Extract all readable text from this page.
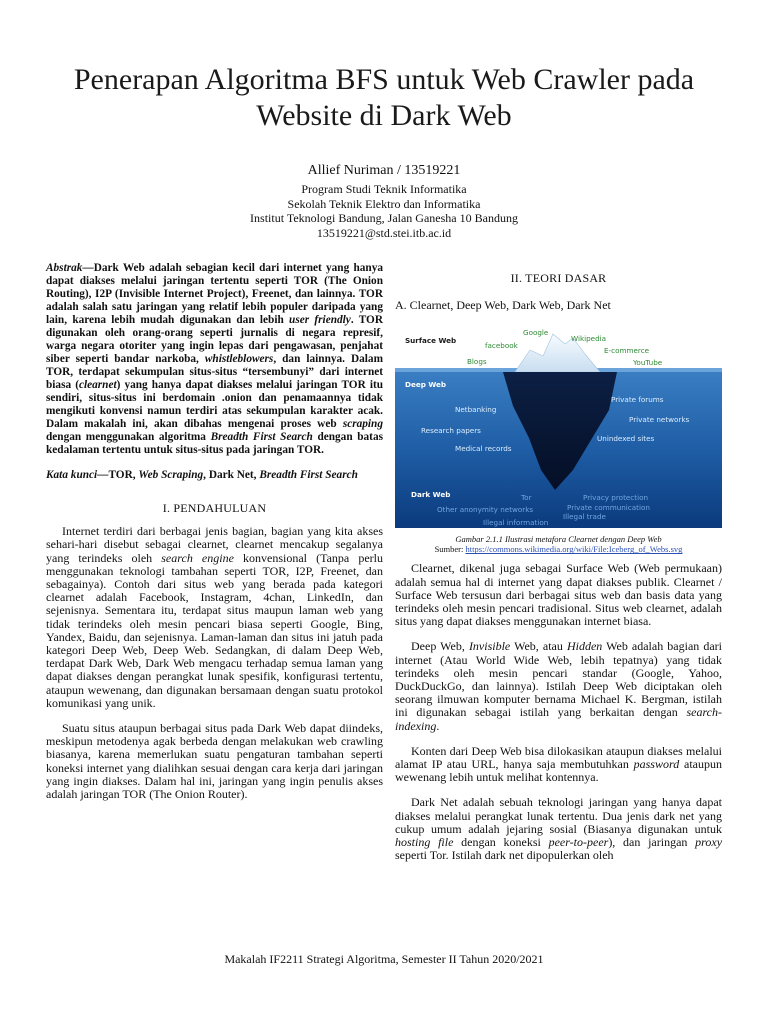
Penerapan Algoritma BFS untuk Web Crawler pada Website di Dark Web
Allief Nuriman / 13519221
Program Studi Teknik Informatika
Sekolah Teknik Elektro dan Informatika
Institut Teknologi Bandung, Jalan Ganesha 10 Bandung
13519221@std.stei.itb.ac.id
Abstrak—Dark Web adalah sebagian kecil dari internet yang hanya dapat diakses melalui jaringan tertentu seperti TOR (The Onion Routing), I2P (Invisible Internet Project), Freenet, dan lainnya. TOR adalah salah satu jaringan yang relatif lebih populer daripada yang lain, karena lebih mudah digunakan dan lebih user friendly. TOR digunakan oleh orang-orang seperti jurnalis di negara represif, warga negara otoriter yang ingin lepas dari pengawasan, penjahat siber seperti bandar narkoba, whistleblowers, dan lainnya. Dalam TOR, terdapat sekumpulan situs-situs “tersembunyi” dari internet biasa (clearnet) yang hanya dapat diakses melalui jaringan TOR itu sendiri, situs-situs ini berdomain .onion dan penamaannya tidak mengikuti konvensi namun terdiri atas sekumpulan karakter acak. Dalam makalah ini, akan dibahas mengenai proses web scraping dengan menggunakan algoritma Breadth First Search dengan batas kedalaman tertentu untuk situs-situs pada jaringan TOR.
Kata kunci—TOR, Web Scraping, Dark Net, Breadth First Search
I. PENDAHULUAN

Internet terdiri dari berbagai jenis bagian, bagian yang kita akses sehari-hari disebut sebagai clearnet, clearnet mencakup segalanya yang terindeks oleh search engine konvensional (Tanpa perlu menggunakan teknologi tambahan seperti TOR, I2P, Freenet, dan sebagainya). Contoh dari situs web yang berada pada kategori clearnet adalah Facebook, Instagram, 4chan, LinkedIn, dan sejenisnya. Sementara itu, terdapat situs maupun laman web yang tidak terindeks oleh mesin pencari biasa seperti Google, Bing, Yandex, Baidu, dan sejenisnya. Laman-laman dan situs ini jatuh pada kategori Deep Web, Deep Web. Sedangkan, di dalam Deep Web, terdapat Dark Web, Dark Web mengacu terhadap semua laman yang dapat diakses dengan perangkat lunak spesifik, konfigurasi tertentu, ataupun wewenang, dan digunakan bersamaan dengan suatu protokol komunikasi yang unik.

Suatu situs ataupun berbagai situs pada Dark Web dapat diindeks, meskipun metodenya agak berbeda dengan melakukan web crawling biasanya, karena memerlukan suatu pengaturan tambahan seperti koneksi internet yang dialihkan sesuai dengan cara kerja dari jaringan yang ingin diakses. Dalam hal ini, jaringan yang ingin penulis akses adalah jaringan TOR (The Onion Router).

II. TEORI DASAR
A. Clearnet, Deep Web, Dark Web, Dark Net
Surface Web
Deep Web
Dark Web
Google
Wikipedia
facebook
E-commerce
Blogs	YouTube
Netbanking
Private forums
Private networks
Research papers
Unindexed sites
Medical records
Tor	Privacy protection
Other anonymity networks	Private communication
Illegal trade
Illegal information
Gambar 2.1.1 Ilustrasi metafora Clearnet dengan Deep Web
Sumber: https://commons.wikimedia.org/wiki/File:Iceberg_of_Webs.svg

Clearnet, dikenal juga sebagai Surface Web (Web permukaan) adalah semua hal di internet yang dapat diakses publik. Clearnet / Surface Web tersusun dari berbagai situs web dan basis data yang terindeks oleh mesin pencari tradisional. Situs web clearnet, adalah situs yang dapat diakses menggunakan internet biasa.

Deep Web, Invisible Web, atau Hidden Web adalah bagian dari internet (Atau World Wide Web, lebih tepatnya) yang tidak terindeks oleh mesin pencari standar (Google, Yahoo, DuckDuckGo, dan lainnya). Istilah Deep Web diciptakan oleh seorang ilmuwan komputer bernama Michael K. Bergman, istilah ini digunakan sebagai istilah yang berkaitan dengan search-indexing.

Konten dari Deep Web bisa dilokasikan ataupun diakses melalui alamat IP atau URL, hanya saja membutuhkan password ataupun wewenang lebih untuk melihat kontennya.

Dark Net adalah sebuah teknologi jaringan yang hanya dapat diakses melalui perangkat lunak tertentu. Dua jenis dark net yang cukup umum adalah jejaring sosial (Biasanya digunakan untuk hosting file dengan koneksi peer-to-peer), dan jaringan proxy seperti Tor. Istilah dark net dipopulerkan oleh

Makalah IF2211 Strategi Algoritma, Semester II Tahun 2020/2021
